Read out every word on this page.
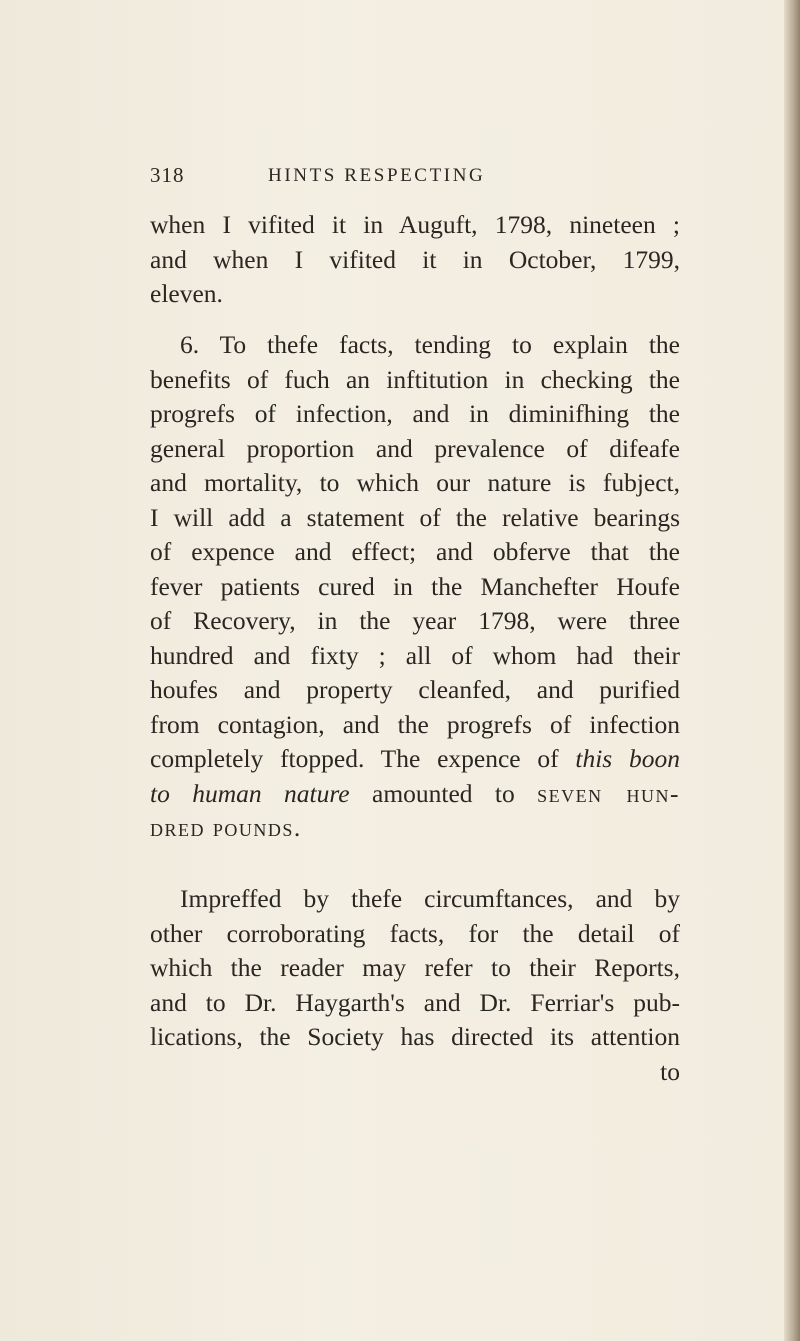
318	HINTS RESPECTING
when I vifited it in Auguft, 1798, nineteen ;
and when I vifited it in October, 1799,
eleven.
6. To thefe facts, tending to explain the
benefits of fuch an inftitution in checking the
progrefs of infection, and in diminifhing the
general proportion and prevalence of difeafe
and mortality, to which our nature is fubject,
I will add a statement of the relative bearings
of expence and effect; and obferve that the
fever patients cured in the Manchefter Houfe
of Recovery, in the year 1798, were three
hundred and fixty ; all of whom had their
houfes and property cleanfed, and purified
from contagion, and the progrefs of infection
completely ftopped. The expence of this boon
to human nature amounted to seven hun-
dred pounds.
Impreffed by thefe circumftances, and by
other corroborating facts, for the detail of
which the reader may refer to their Reports,
and to Dr. Haygarth's and Dr. Ferriar's pub-
lications, the Society has directed its attention
to
